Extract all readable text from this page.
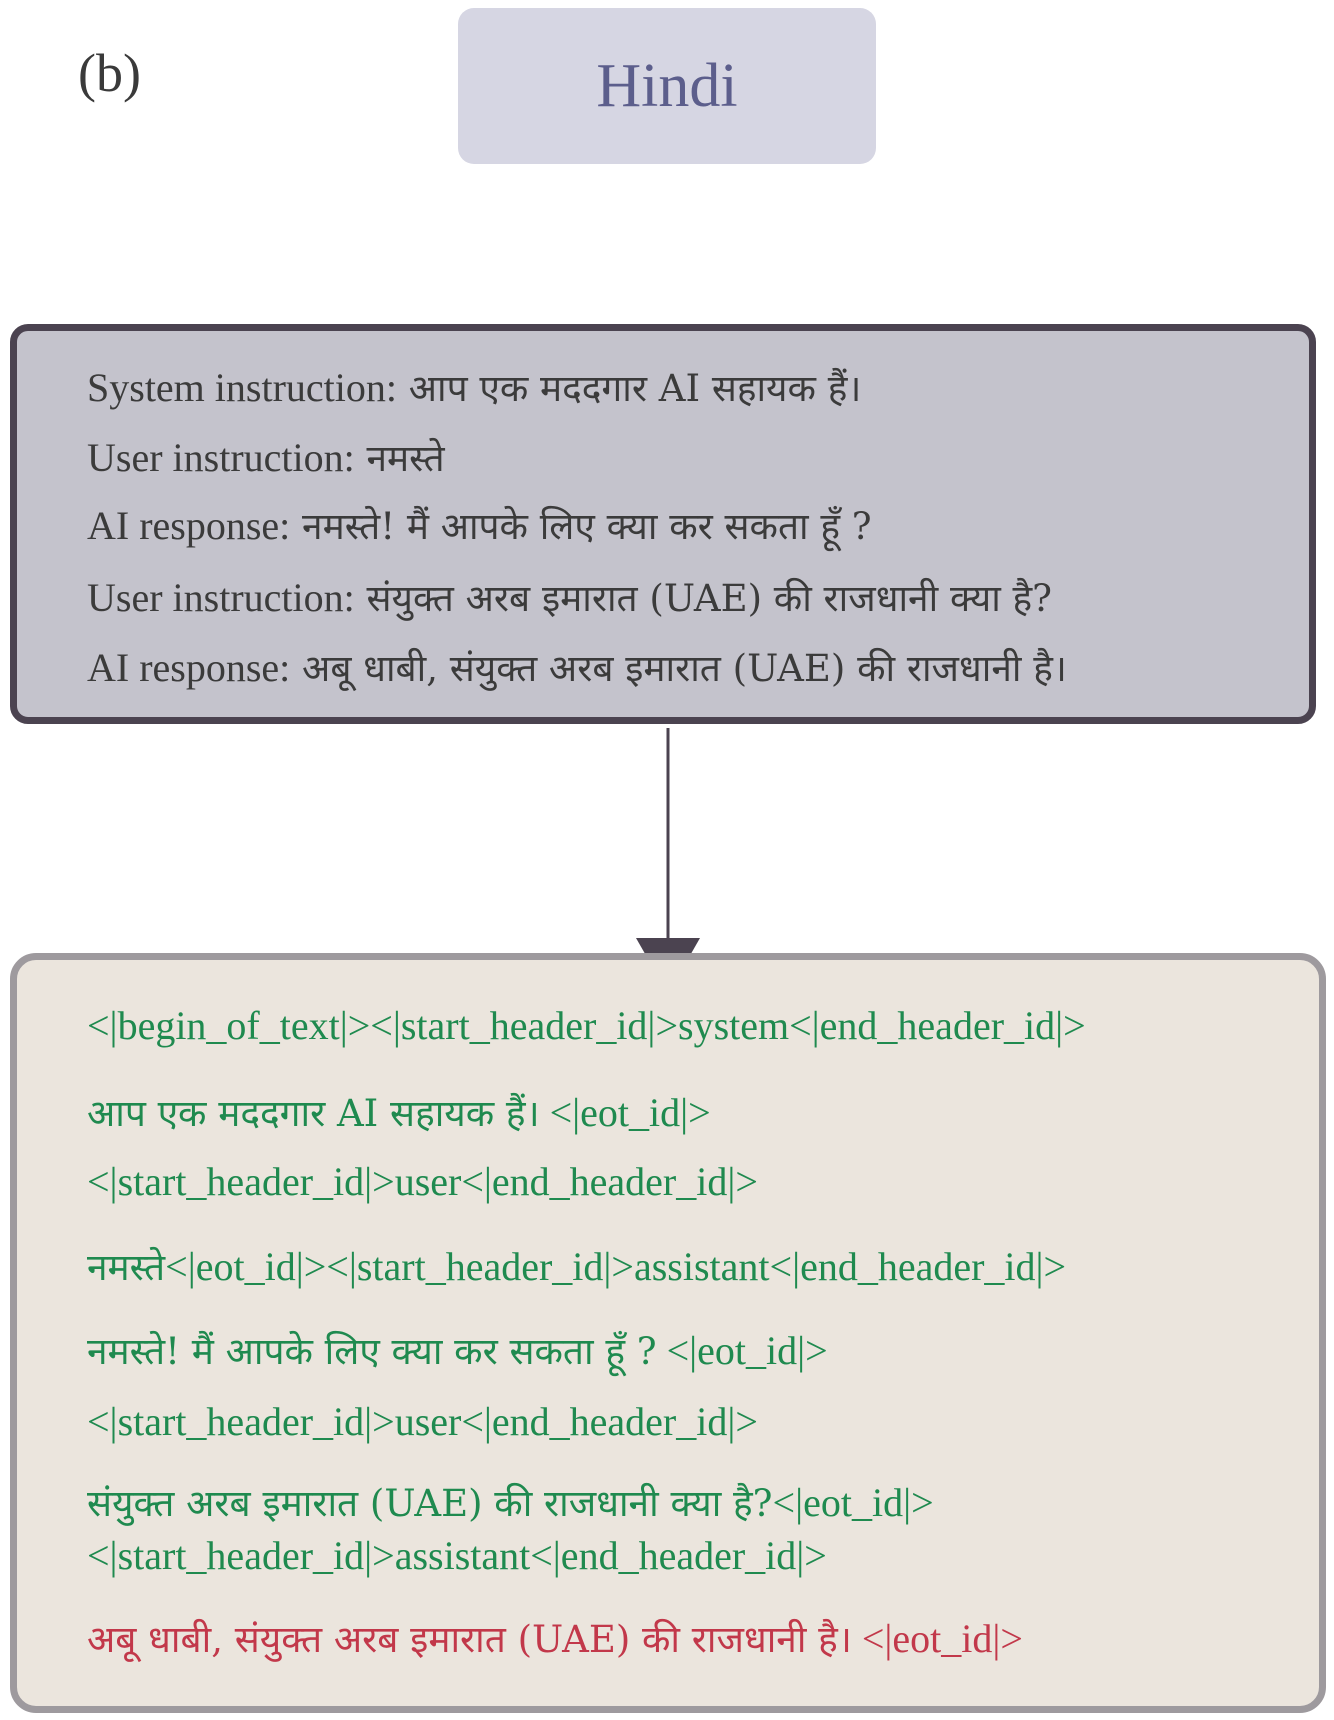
(b)	Hindi
System instruction: आप एक मददगार AI सहायक हैं।
User instruction: नमस्ते
AI response: नमस्ते! मैं आपके लिए क्या कर सकता हूँ ?
User instruction: संयुक्त अरब इमारात (UAE) की राजधानी क्या है?
AI response: अबू धाबी, संयुक्त अरब इमारात (UAE) की राजधानी है।
<|begin_of_text|><|start_header_id|>system<|end_header_id|>
आप एक मददगार AI सहायक हैं। <|eot_id|>
<|start_header_id|>user<|end_header_id|>
नमस्ते<|eot_id|><|start_header_id|>assistant<|end_header_id|>
नमस्ते! मैं आपके लिए क्या कर सकता हूँ ? <|eot_id|>
<|start_header_id|>user<|end_header_id|>
संयुक्त अरब इमारात (UAE) की राजधानी क्या है?<|eot_id|>
<|start_header_id|>assistant<|end_header_id|>
अबू धाबी, संयुक्त अरब इमारात (UAE) की राजधानी है। <|eot_id|>
